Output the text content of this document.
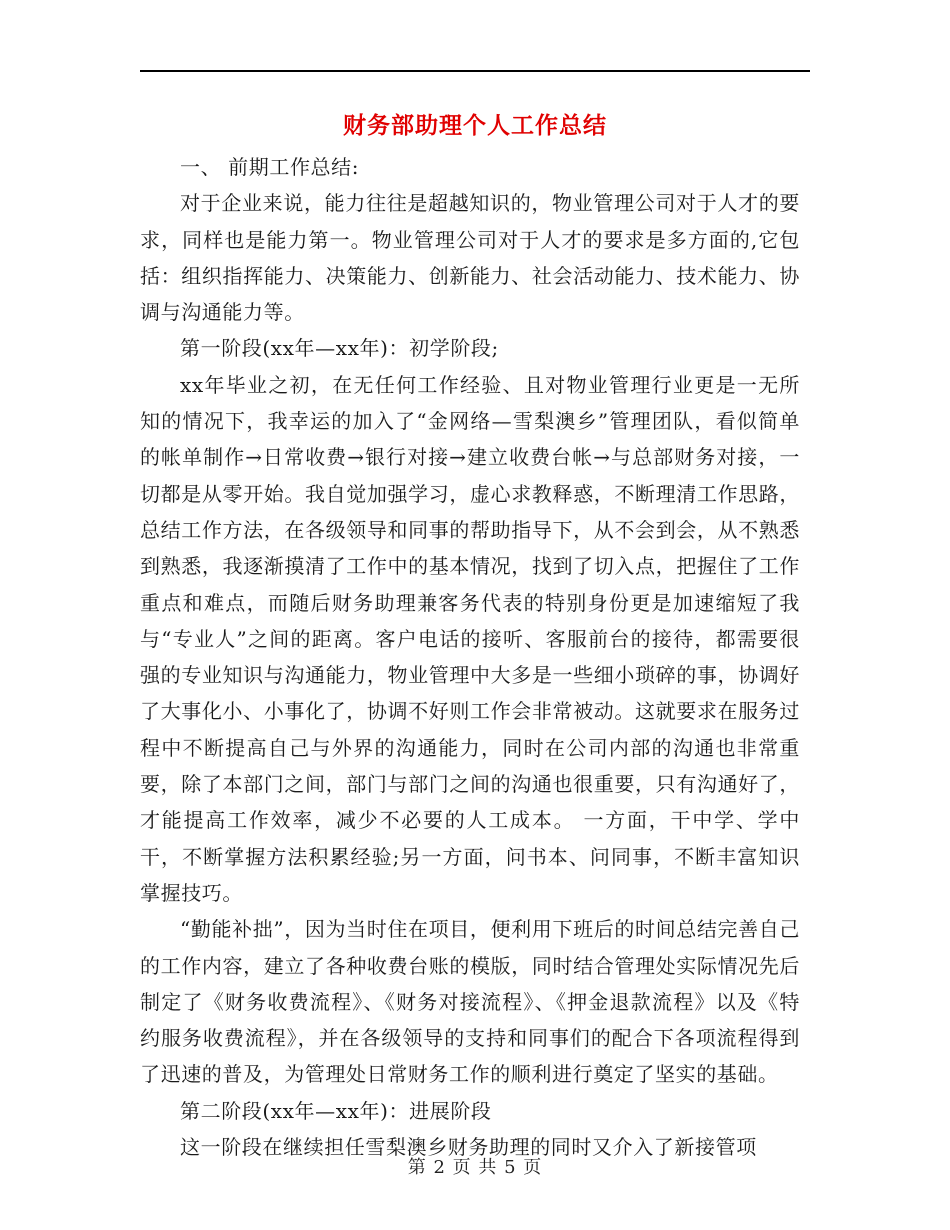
财务部助理个人工作总结

一、 前期工作总结:

对于企业来说，能力往往是超越知识的，物业管理公司对于人才的要求，同样也是能力第一。物业管理公司对于人才的要求是多方面的,它包括：组织指挥能力、决策能力、创新能力、社会活动能力、技术能力、协调与沟通能力等。

第一阶段(xx年—xx年)：初学阶段;

xx年毕业之初，在无任何工作经验、且对物业管理行业更是一无所知的情况下，我幸运的加入了“金网络—雪梨澳乡”管理团队，看似简单的帐单制作→日常收费→银行对接→建立收费台帐→与总部财务对接，一切都是从零开始。我自觉加强学习，虚心求教释惑，不断理清工作思路，总结工作方法，在各级领导和同事的帮助指导下，从不会到会，从不熟悉到熟悉，我逐渐摸清了工作中的基本情况，找到了切入点，把握住了工作重点和难点，而随后财务助理兼客务代表的特别身份更是加速缩短了我与“专业人”之间的距离。客户电话的接听、客服前台的接待，都需要很强的专业知识与沟通能力，物业管理中大多是一些细小琐碎的事，协调好了大事化小、小事化了，协调不好则工作会非常被动。这就要求在服务过程中不断提高自己与外界的沟通能力，同时在公司内部的沟通也非常重要，除了本部门之间，部门与部门之间的沟通也很重要，只有沟通好了，才能提高工作效率，减少不必要的人工成本。 一方面，干中学、学中干，不断掌握方法积累经验;另一方面，问书本、问同事，不断丰富知识掌握技巧。

“勤能补拙”，因为当时住在项目，便利用下班后的时间总结完善自己的工作内容，建立了各种收费台账的模版，同时结合管理处实际情况先后制定了《财务收费流程》、《财务对接流程》、《押金退款流程》以及《特约服务收费流程》，并在各级领导的支持和同事们的配合下各项流程得到了迅速的普及，为管理处日常财务工作的顺利进行奠定了坚实的基础。

第二阶段(xx年—xx年)：进展阶段

这一阶段在继续担任雪梨澳乡财务助理的同时又介入了新接管项

第 2 页 共 5 页
